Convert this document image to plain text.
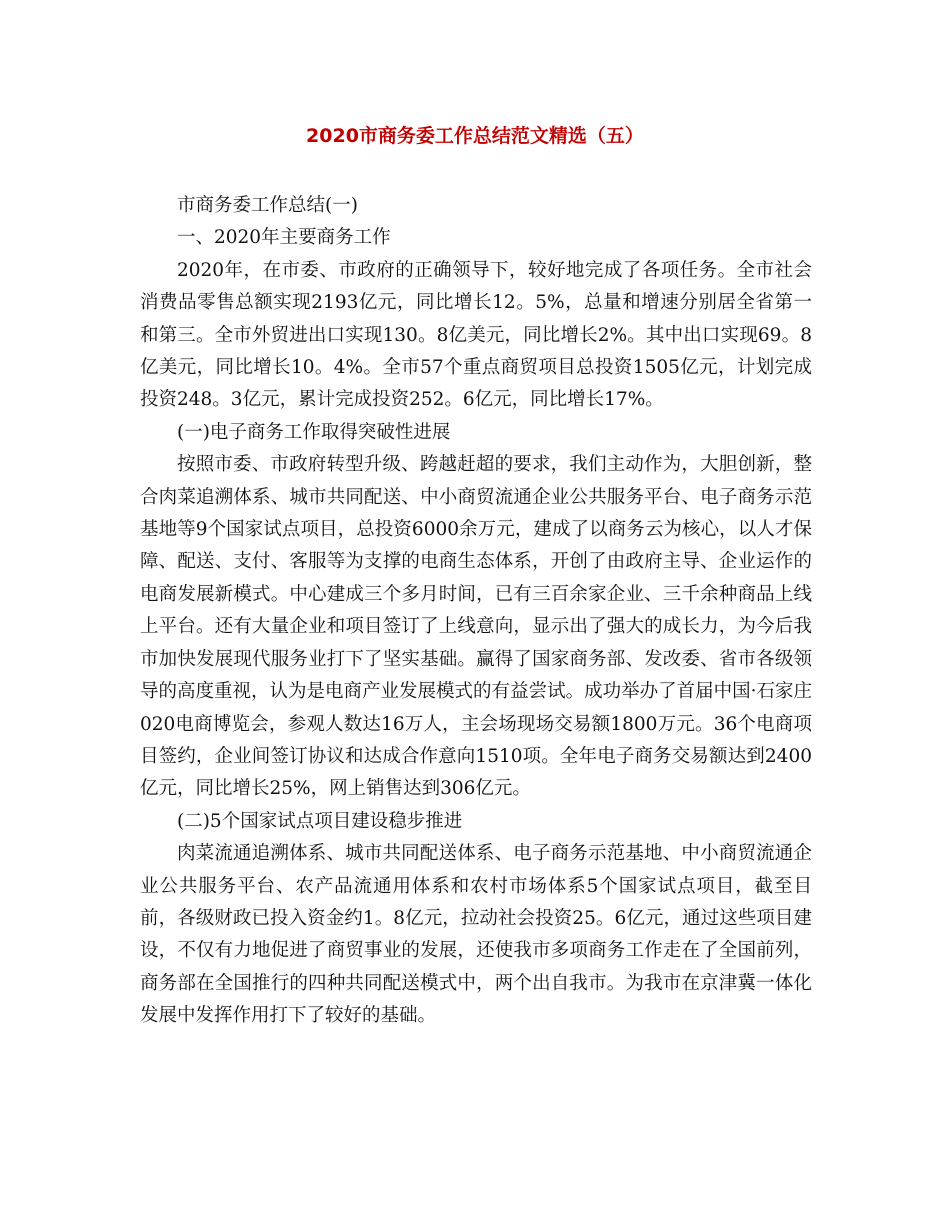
2020市商务委工作总结范文精选（五）

市商务委工作总结(一)

一、2020年主要商务工作

2020年，在市委、市政府的正确领导下，较好地完成了各项任务。全市社会消费品零售总额实现2193亿元，同比增长12。5%，总量和增速分别居全省第一和第三。全市外贸进出口实现130。8亿美元，同比增长2%。其中出口实现69。8亿美元，同比增长10。4%。全市57个重点商贸项目总投资1505亿元，计划完成投资248。3亿元，累计完成投资252。6亿元，同比增长17%。

(一)电子商务工作取得突破性进展

按照市委、市政府转型升级、跨越赶超的要求，我们主动作为，大胆创新，整合肉菜追溯体系、城市共同配送、中小商贸流通企业公共服务平台、电子商务示范基地等9个国家试点项目，总投资6000余万元，建成了以商务云为核心，以人才保障、配送、支付、客服等为支撑的电商生态体系，开创了由政府主导、企业运作的电商发展新模式。中心建成三个多月时间，已有三百余家企业、三千余种商品上线上平台。还有大量企业和项目签订了上线意向，显示出了强大的成长力，为今后我市加快发展现代服务业打下了坚实基础。赢得了国家商务部、发改委、省市各级领导的高度重视，认为是电商产业发展模式的有益尝试。成功举办了首届中国·石家庄020电商博览会，参观人数达16万人，主会场现场交易额1800万元。36个电商项目签约，企业间签订协议和达成合作意向1510项。全年电子商务交易额达到2400亿元，同比增长25%，网上销售达到306亿元。

(二)5个国家试点项目建设稳步推进

肉菜流通追溯体系、城市共同配送体系、电子商务示范基地、中小商贸流通企业公共服务平台、农产品流通用体系和农村市场体系5个国家试点项目，截至目前，各级财政已投入资金约1。8亿元，拉动社会投资25。6亿元，通过这些项目建设，不仅有力地促进了商贸事业的发展，还使我市多项商务工作走在了全国前列，商务部在全国推行的四种共同配送模式中，两个出自我市。为我市在京津冀一体化发展中发挥作用打下了较好的基础。
